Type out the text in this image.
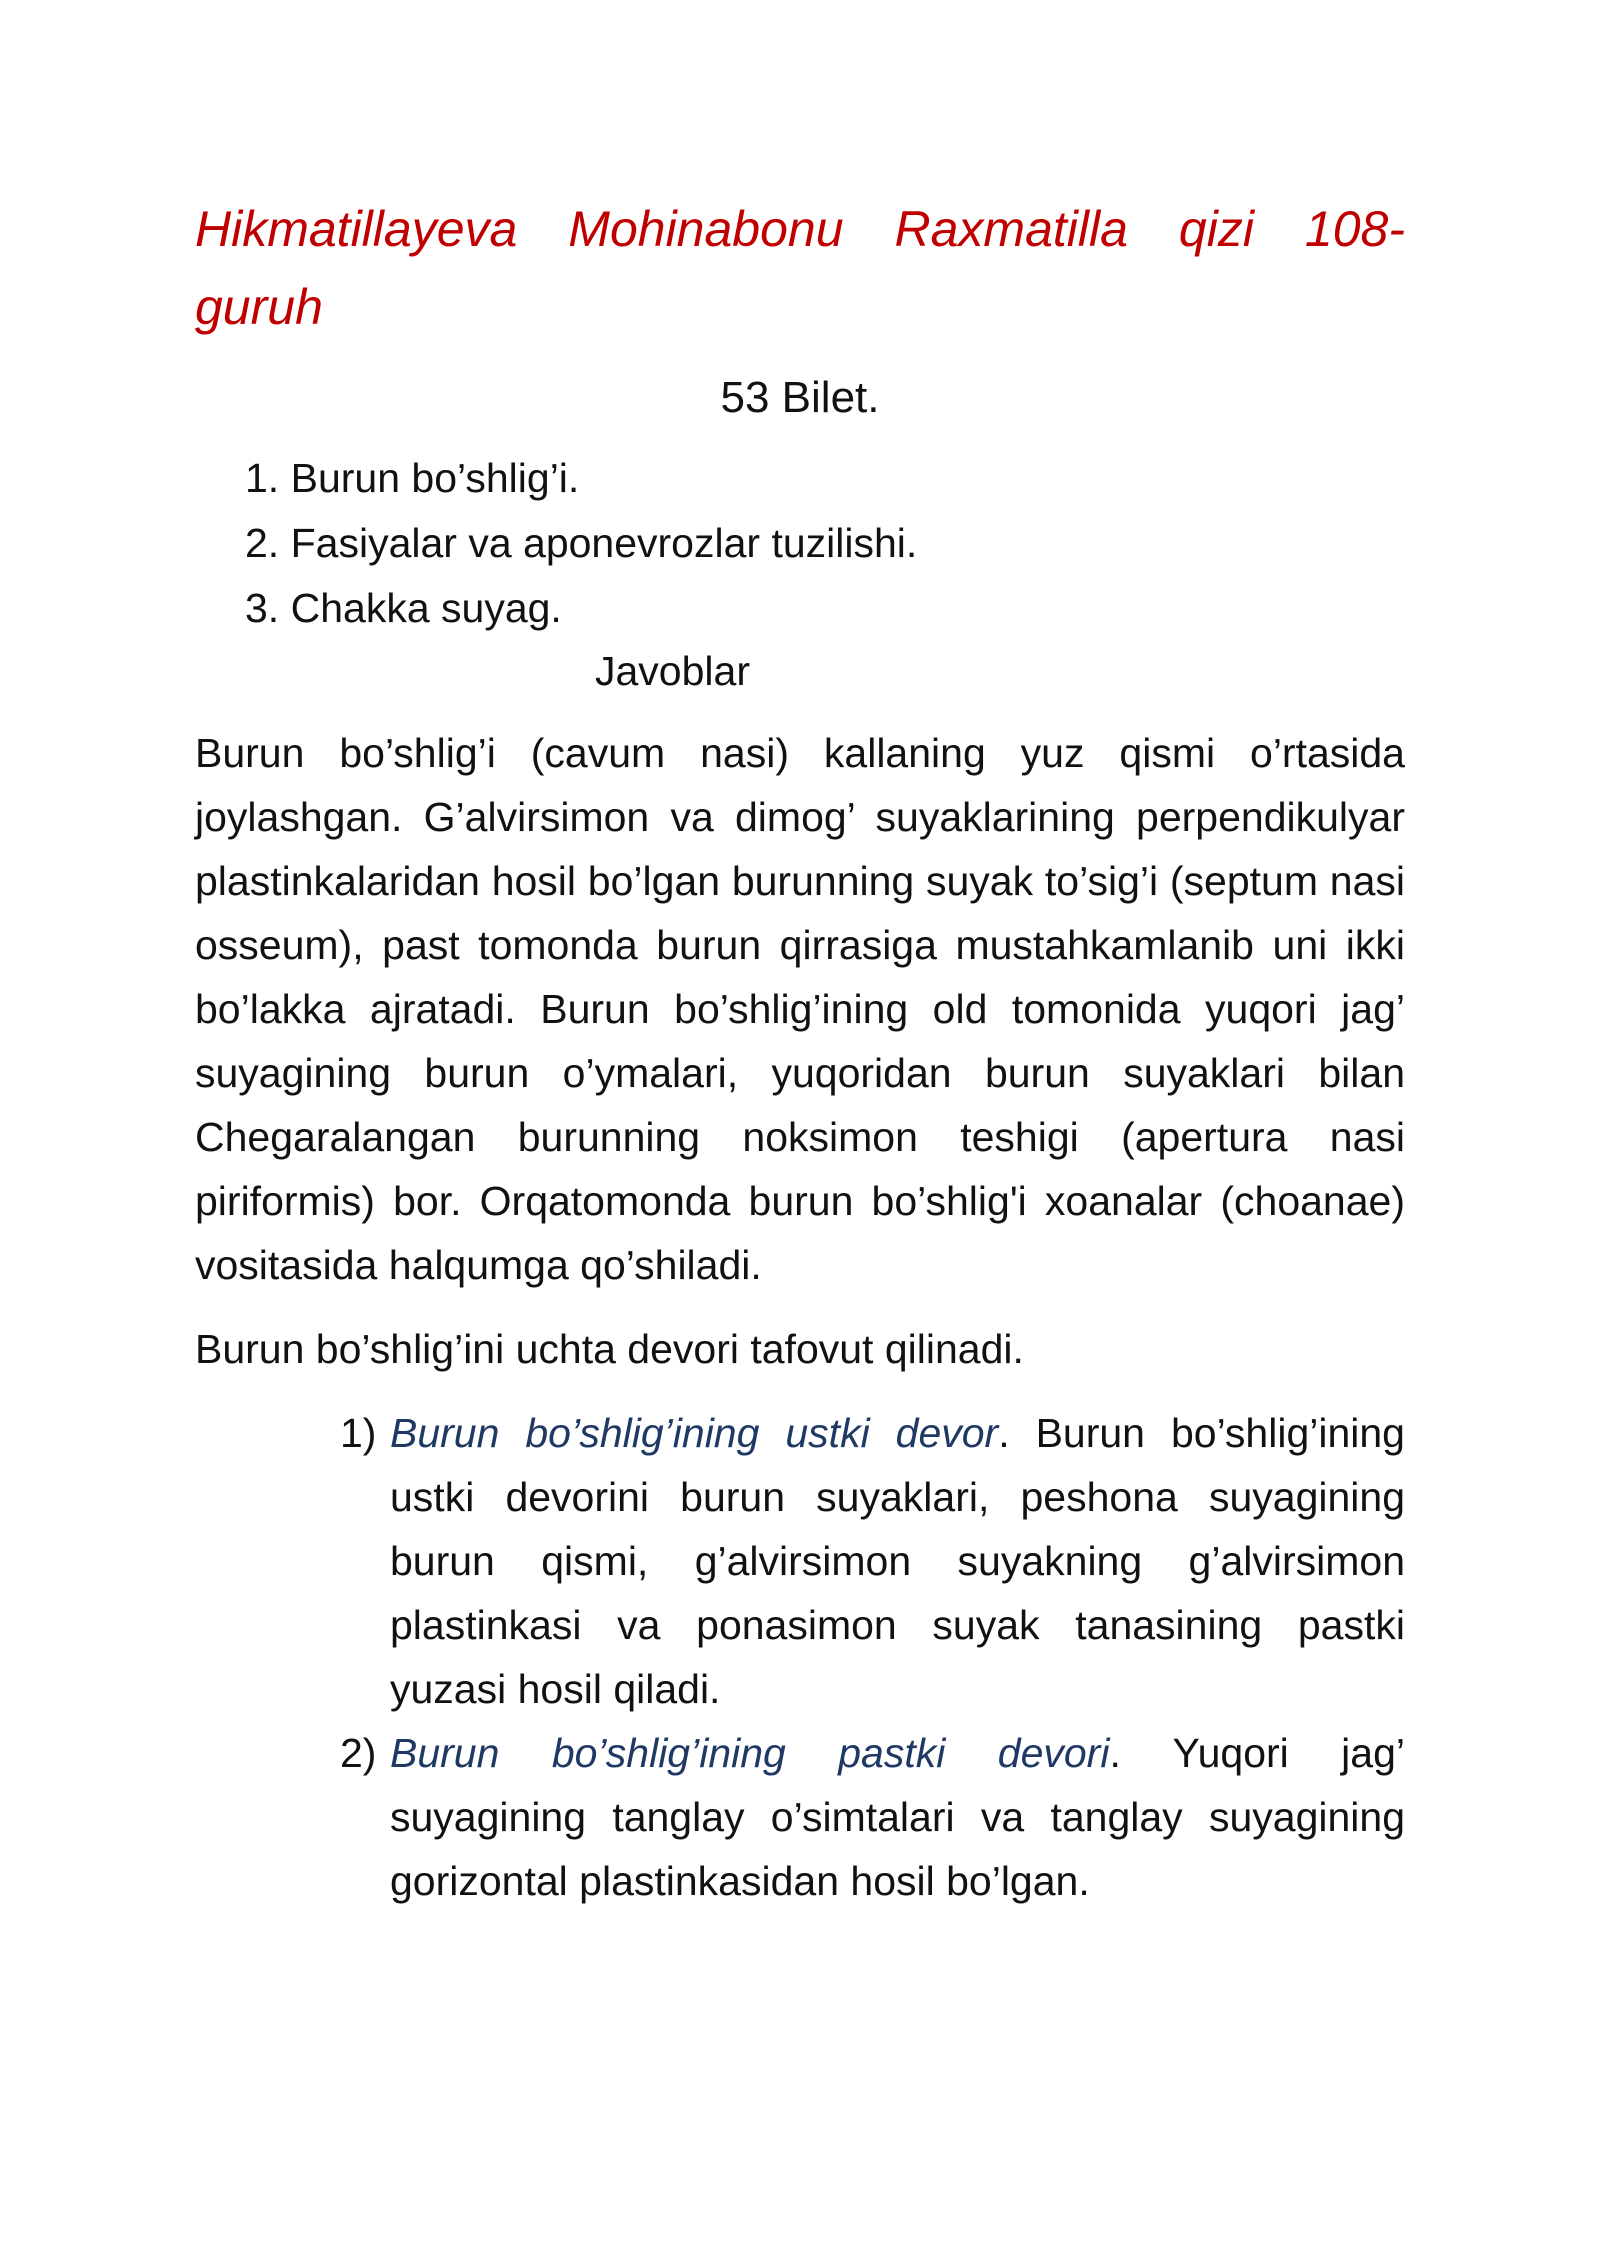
Hikmatillayeva Mohinabonu Raxmatilla qizi 108-guruh

53 Bilet.
1. Burun bo’shlig’i.
2. Fasiyalar va aponevrozlar tuzilishi.
3. Chakka suyag.
Javoblar

Burun bo’shlig’i (cavum nasi) kallaning yuz qismi o’rtasida joylashgan. G’alvirsimon va dimog’ suyaklarining perpendikulyar plastinkalaridan hosil bo’lgan burunning suyak to’sig’i (septum nasi osseum), past tomonda burun qirrasiga mustahkamlanib uni ikki bo’lakka ajratadi. Burun bo’shlig’ining old tomonida yuqori jag’ suyagining burun o’ymalari, yuqoridan burun suyaklari bilan Chegaralangan burunning noksimon teshigi (apertura nasi piriformis) bor. Orqatomonda burun bo’shlig'i xoanalar (choanae) vositasida halqumga qo’shiladi.

Burun bo’shlig’ini uchta devori tafovut qilinadi.

1) Burun bo’shlig’ining ustki devor. Burun bo’shlig’ining ustki devorini burun suyaklari, peshona suyagining burun qismi, g’alvirsimon suyakning g’alvirsimon plastinkasi va ponasimon suyak tanasining pastki yuzasi hosil qiladi.
2) Burun bo’shlig’ining pastki devori. Yuqori jag’ suyagining tanglay o’simtalari va tanglay suyagining gorizontal plastinkasidan hosil bo’lgan.
